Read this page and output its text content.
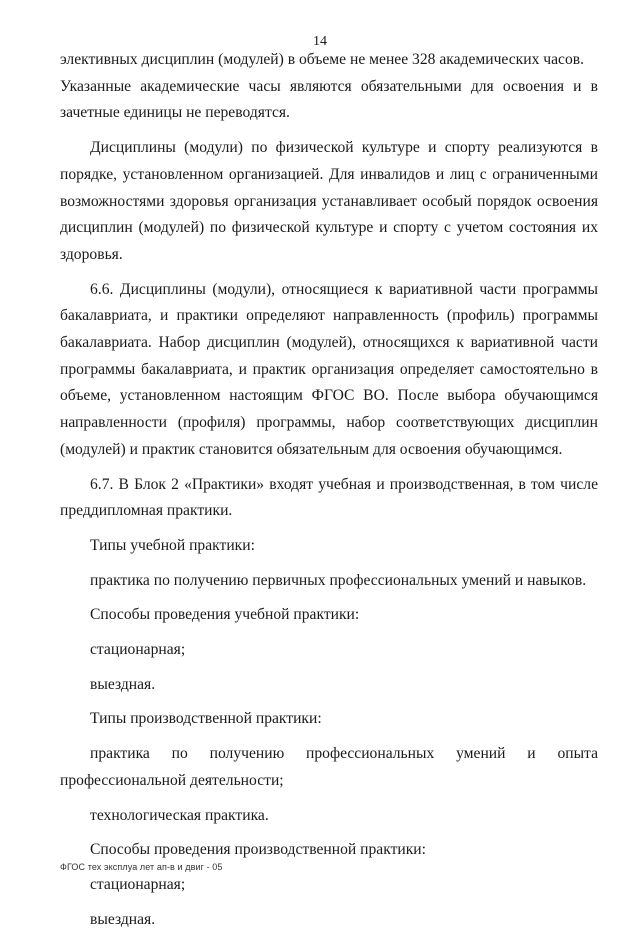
14

элективных дисциплин (модулей) в объеме не менее 328 академических часов.

Указанные академические часы являются обязательными для освоения и в зачетные единицы не переводятся.

Дисциплины (модули) по физической культуре и спорту реализуются в порядке, установленном организацией. Для инвалидов и лиц с ограниченными возможностями здоровья организация устанавливает особый порядок освоения дисциплин (модулей) по физической культуре и спорту с учетом состояния их здоровья.

6.6. Дисциплины (модули), относящиеся к вариативной части программы бакалавриата, и практики определяют направленность (профиль) программы бакалавриата. Набор дисциплин (модулей), относящихся к вариативной части программы бакалавриата, и практик организация определяет самостоятельно в объеме, установленном настоящим ФГОС ВО. После выбора обучающимся направленности (профиля) программы, набор соответствующих дисциплин (модулей) и практик становится обязательным для освоения обучающимся.

6.7. В Блок 2 «Практики» входят учебная и производственная, в том числе преддипломная практики.

Типы учебной практики:

практика по получению первичных профессиональных умений и навыков.

Способы проведения учебной практики:

стационарная;

выездная.

Типы производственной практики:

практика по получению профессиональных умений и опыта

профессиональной деятельности;

технологическая практика.

Способы проведения производственной практики:

стационарная;

выездная.

ФГОС тех эксплуа лет ап-в и двиг - 05
